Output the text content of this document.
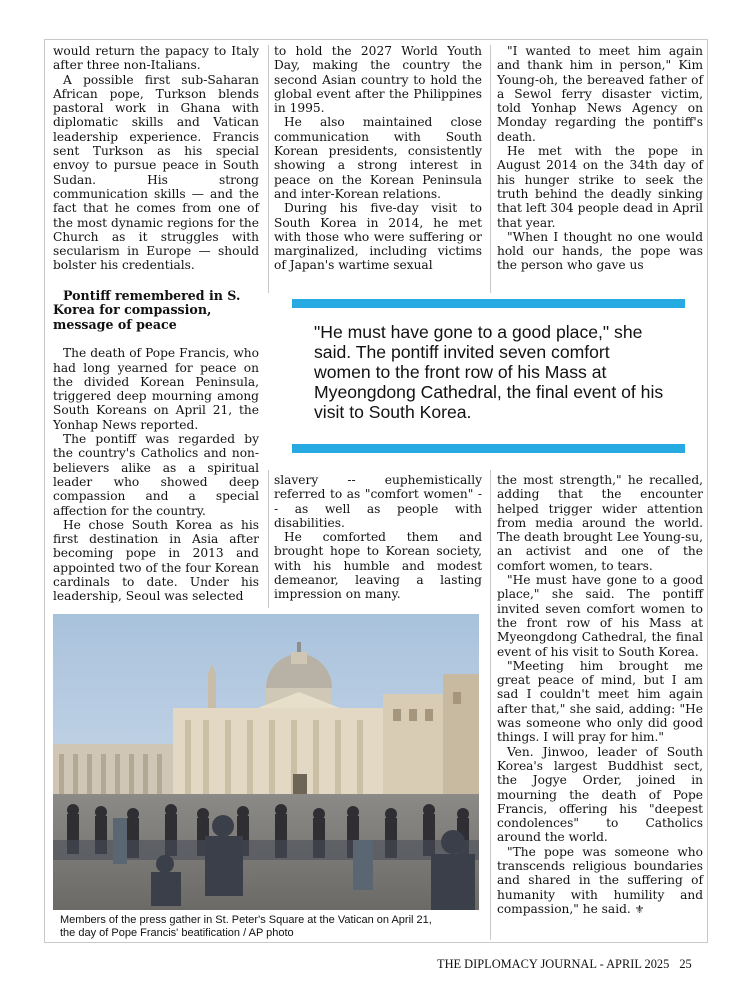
would return the papacy to Italy after three non-Italians.

A possible first sub-Saharan African pope, Turkson blends pastoral work in Ghana with diplomatic skills and Vatican leadership experience. Francis sent Turkson as his special envoy to pursue peace in South Sudan. His strong communication skills — and the fact that he comes from one of the most dynamic regions for the Church as it struggles with secularism in Europe — should bolster his credentials.

Pontiff remembered in S. Korea for compassion, message of peace

The death of Pope Francis, who had long yearned for peace on the divided Korean Peninsula, triggered deep mourning among South Koreans on April 21, the Yonhap News reported.

The pontiff was regarded by the country's Catholics and non-believers alike as a spiritual leader who showed deep compassion and a special affection for the country.

He chose South Korea as his first destination in Asia after becoming pope in 2013 and appointed two of the four Korean cardinals to date. Under his leadership, Seoul was selected

to hold the 2027 World Youth Day, making the country the second Asian country to hold the global event after the Philippines in 1995.

He also maintained close communication with South Korean presidents, consistently showing a strong interest in peace on the Korean Peninsula and inter-Korean relations.

During his five-day visit to South Korea in 2014, he met with those who were suffering or marginalized, including victims of Japan's wartime sexual

"I wanted to meet him again and thank him in person," Kim Young-oh, the bereaved father of a Sewol ferry disaster victim, told Yonhap News Agency on Monday regarding the pontiff's death.

He met with the pope in August 2014 on the 34th day of his hunger strike to seek the truth behind the deadly sinking that left 304 people dead in April that year.

"When I thought no one would hold our hands, the pope was the person who gave us

"He must have gone to a good place," she said. The pontiff invited seven comfort women to the front row of his Mass at Myeongdong Cathedral, the final event of his visit to South Korea.

slavery -- euphemistically referred to as "comfort women" -- as well as people with disabilities.

He comforted them and brought hope to Korean society, with his humble and modest demeanor, leaving a lasting impression on many.

the most strength," he recalled, adding that the encounter helped trigger wider attention from media around the world. The death brought Lee Young-su, an activist and one of the comfort women, to tears.

"He must have gone to a good place," she said. The pontiff invited seven comfort women to the front row of his Mass at Myeongdong Cathedral, the final event of his visit to South Korea.

"Meeting him brought me great peace of mind, but I am sad I couldn't meet him again after that," she said, adding: "He was someone who only did good things. I will pray for him."

Ven. Jinwoo, leader of South Korea's largest Buddhist sect, the Jogye Order, joined in mourning the death of Pope Francis, offering his "deepest condolences" to Catholics around the world.

"The pope was someone who transcends religious boundaries and shared in the suffering of humanity with humility and compassion," he said. ⚜

Members of the press gather in St. Peter's Square at the Vatican on April 21,
the day of Pope Francis' beatification / AP photo
THE DIPLOMACY JOURNAL - APRIL 2025 25
